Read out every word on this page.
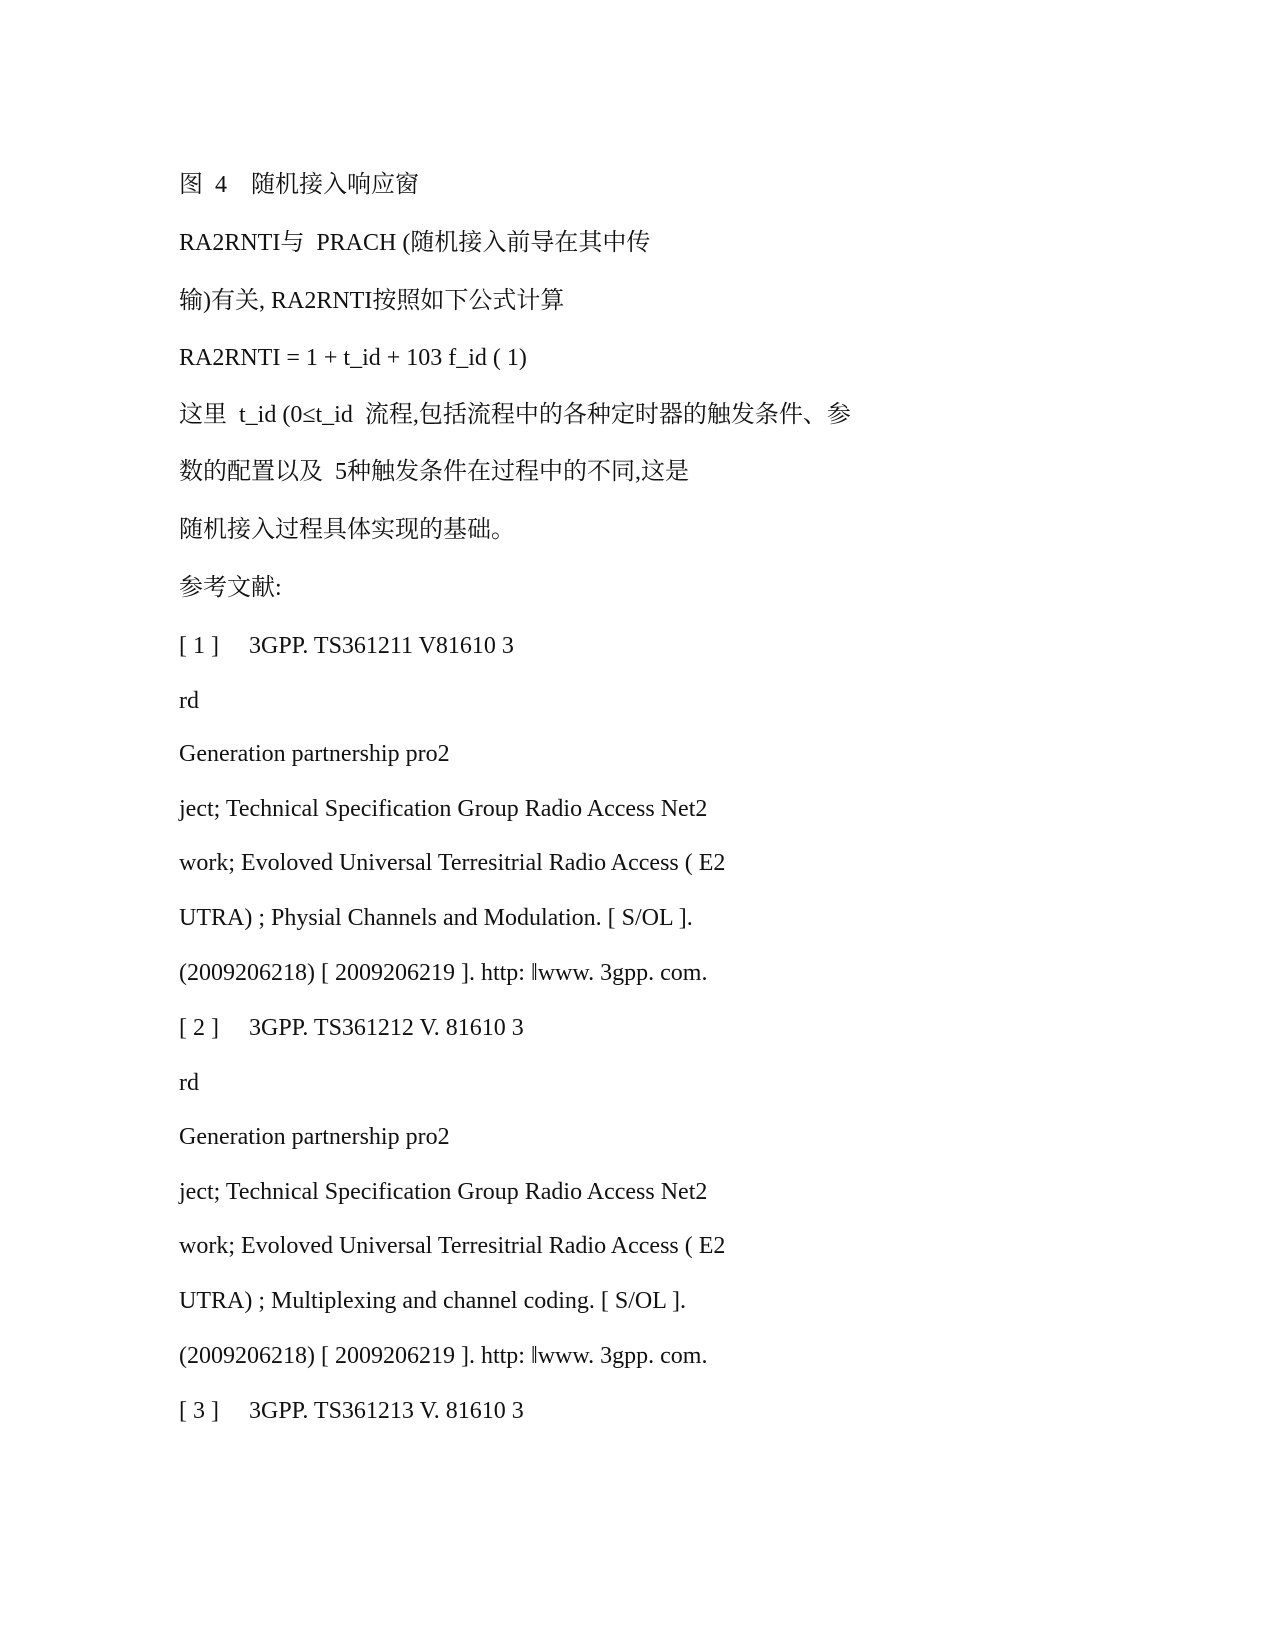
图  4    随机接入响应窗

RA2RNTI与  PRACH (随机接入前导在其中传

输)有关, RA2RNTI按照如下公式计算

RA2RNTI = 1 + t_id + 103 f_id ( 1)

这里  t_id (0≤t_id  流程,包括流程中的各种定时器的触发条件、参

数的配置以及  5种触发条件在过程中的不同,这是

随机接入过程具体实现的基础。

参考文献:

[ 1 ]     3GPP. TS361211 V81610 3

rd

Generation partnership pro2

ject; Technical Specification Group Radio Access Net2

work; Evoloved Universal Terresitrial Radio Access ( E2

UTRA) ; Physial Channels and Modulation. [ S/OL ].

(2009206218) [ 2009206219 ]. http: ‖www. 3gpp. com.

[ 2 ]     3GPP. TS361212 V. 81610 3

rd

Generation partnership pro2

ject; Technical Specification Group Radio Access Net2

work; Evoloved Universal Terresitrial Radio Access ( E2

UTRA) ; Multiplexing and channel coding. [ S/OL ].

(2009206218) [ 2009206219 ]. http: ‖www. 3gpp. com.

[ 3 ]     3GPP. TS361213 V. 81610 3
